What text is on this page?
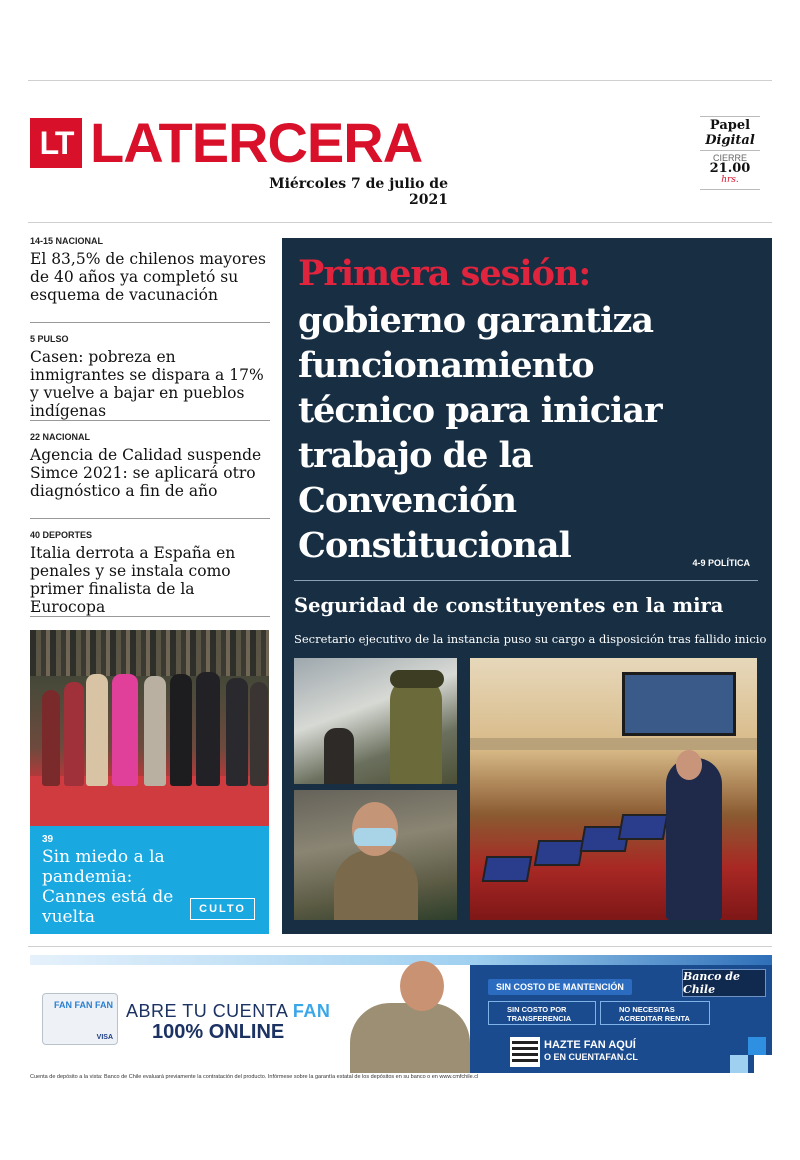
LT LATERCERA
Miércoles 7 de julio de 2021
Papel
Digital
CIERRE
21.00
hrs.
14-15 NACIONAL
El 83,5% de chilenos mayores de 40 años ya completó su esquema de vacunación
5 PULSO
Casen: pobreza en inmigrantes se dispara a 17% y vuelve a bajar en pueblos indígenas
22 NACIONAL
Agencia de Calidad suspende Simce 2021: se aplicará otro diagnóstico a fin de año
40 DEPORTES
Italia derrota a España en penales y se instala como primer finalista de la Eurocopa
39
Sin miedo a la pandemia: Cannes está de vuelta	CULTO
Primera sesión:
gobierno garantiza funcionamiento técnico para iniciar trabajo de la Convención Constitucional	4-9 POLÍTICA
Seguridad de constituyentes en la mira
Secretario ejecutivo de la instancia puso su cargo a disposición tras fallido inicio
FAN FAN FAN
VISA
ABRE TU CUENTA FAN
100% ONLINE
SIN COSTO DE MANTENCIÓN
SIN COSTO POR TRANSFERENCIA
NO NECESITAS ACREDITAR RENTA
Banco de Chile
HAZTE FAN AQUÍ
O EN CUENTAFAN.CL
Cuenta de depósito a la vista: Banco de Chile evaluará previamente la contratación del producto. Infórmese sobre la garantía estatal de los depósitos en su banco o en www.cmfchile.cl
